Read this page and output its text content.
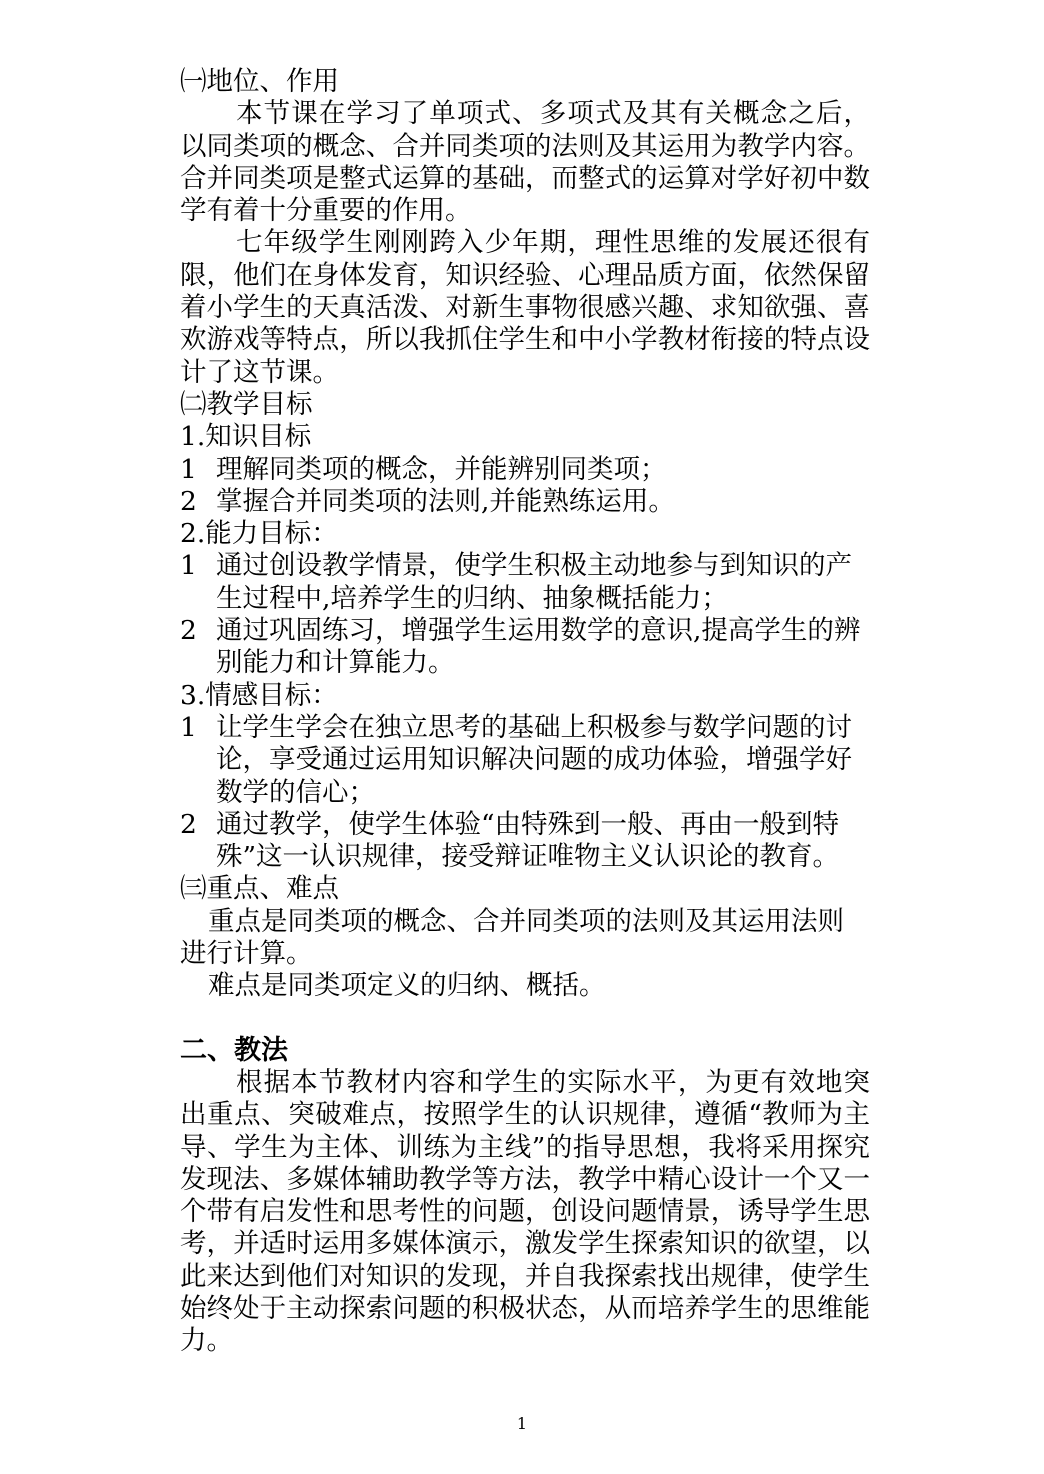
㈠地位、作用

本节课在学习了单项式、多项式及其有关概念之后，以同类项的概念、合并同类项的法则及其运用为教学内容。合并同类项是整式运算的基础，而整式的运算对学好初中数学有着十分重要的作用。

七年级学生刚刚跨入少年期，理性思维的发展还很有限，他们在身体发育，知识经验、心理品质方面，依然保留着小学生的天真活泼、对新生事物很感兴趣、求知欲强、喜欢游戏等特点，所以我抓住学生和中小学教材衔接的特点设计了这节课。

㈡教学目标

1.知识目标

1 理解同类项的概念，并能辨别同类项；
2 掌握合并同类项的法则,并能熟练运用。

2.能力目标：

1 通过创设教学情景，使学生积极主动地参与到知识的产生过程中,培养学生的归纳、抽象概括能力；
2 通过巩固练习，增强学生运用数学的意识,提高学生的辨别能力和计算能力。

3.情感目标：

1 让学生学会在独立思考的基础上积极参与数学问题的讨论，享受通过运用知识解决问题的成功体验，增强学好数学的信心；
2 通过教学，使学生体验“由特殊到一般、再由一般到特殊”这一认识规律，接受辩证唯物主义认识论的教育。

㈢重点、难点

重点是同类项的概念、合并同类项的法则及其运用法则进行计算。

难点是同类项定义的归纳、概括。

二、教法

根据本节教材内容和学生的实际水平，为更有效地突出重点、突破难点，按照学生的认识规律，遵循“教师为主导、学生为主体、训练为主线”的指导思想，我将采用探究发现法、多媒体辅助教学等方法，教学中精心设计一个又一个带有启发性和思考性的问题，创设问题情景，诱导学生思考，并适时运用多媒体演示，激发学生探索知识的欲望，以此来达到他们对知识的发现，并自我探索找出规律，使学生始终处于主动探索问题的积极状态，从而培养学生的思维能力。

1
